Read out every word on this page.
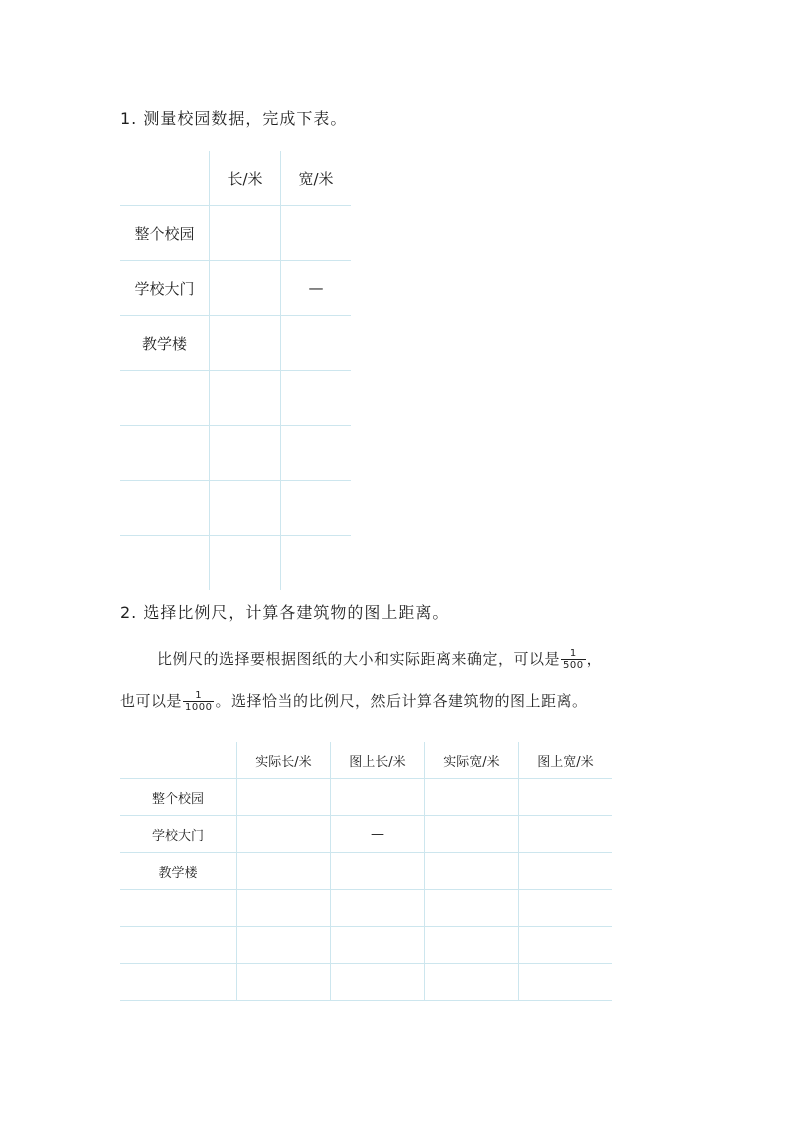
1. 测量校园数据，完成下表。
	长/米	宽/米
整个校园		
学校大门		—
教学楼		

2. 选择比例尺，计算各建筑物的图上距离。
比例尺的选择要根据图纸的大小和实际距离来确定，可以是 $\frac{1}{500}$ ，
也可以是 $\frac{1}{1000}$ 。选择恰当的比例尺，然后计算各建筑物的图上距离。
	实际长/米	图上长/米	实际宽/米	图上宽/米
整个校园				
学校大门		—		
教学楼				
